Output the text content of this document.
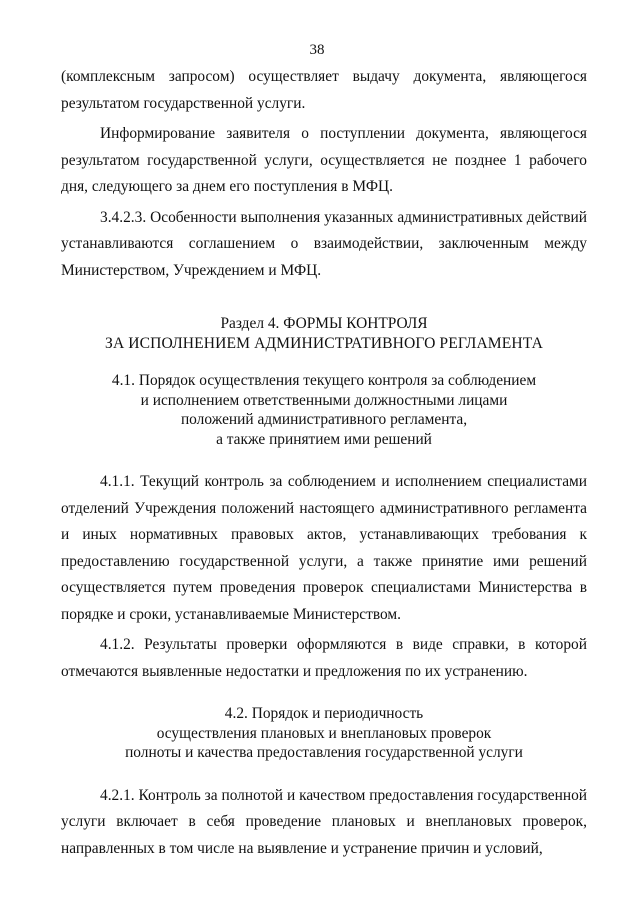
38

(комплексным запросом) осуществляет выдачу документа, являющегося результатом государственной услуги.

Информирование заявителя о поступлении документа, являющегося результатом государственной услуги, осуществляется не позднее 1 рабочего дня, следующего за днем его поступления в МФЦ.

3.4.2.3. Особенности выполнения указанных административных действий устанавливаются соглашением о взаимодействии, заключенным между Министерством, Учреждением и МФЦ.

Раздел 4. ФОРМЫ КОНТРОЛЯ
ЗА ИСПОЛНЕНИЕМ АДМИНИСТРАТИВНОГО РЕГЛАМЕНТА
4.1. Порядок осуществления текущего контроля за соблюдением
и исполнением ответственными должностными лицами
положений административного регламента,
а также принятием ими решений

4.1.1. Текущий контроль за соблюдением и исполнением специалистами отделений Учреждения положений настоящего административного регламента и иных нормативных правовых актов, устанавливающих требования к предоставлению государственной услуги, а также принятие ими решений осуществляется путем проведения проверок специалистами Министерства в порядке и сроки, устанавливаемые Министерством.

4.1.2. Результаты проверки оформляются в виде справки, в которой отмечаются выявленные недостатки и предложения по их устранению.

4.2. Порядок и периодичность
осуществления плановых и внеплановых проверок
полноты и качества предоставления государственной услуги

4.2.1. Контроль за полнотой и качеством предоставления государственной услуги включает в себя проведение плановых и внеплановых проверок, направленных в том числе на выявление и устранение причин и условий,
